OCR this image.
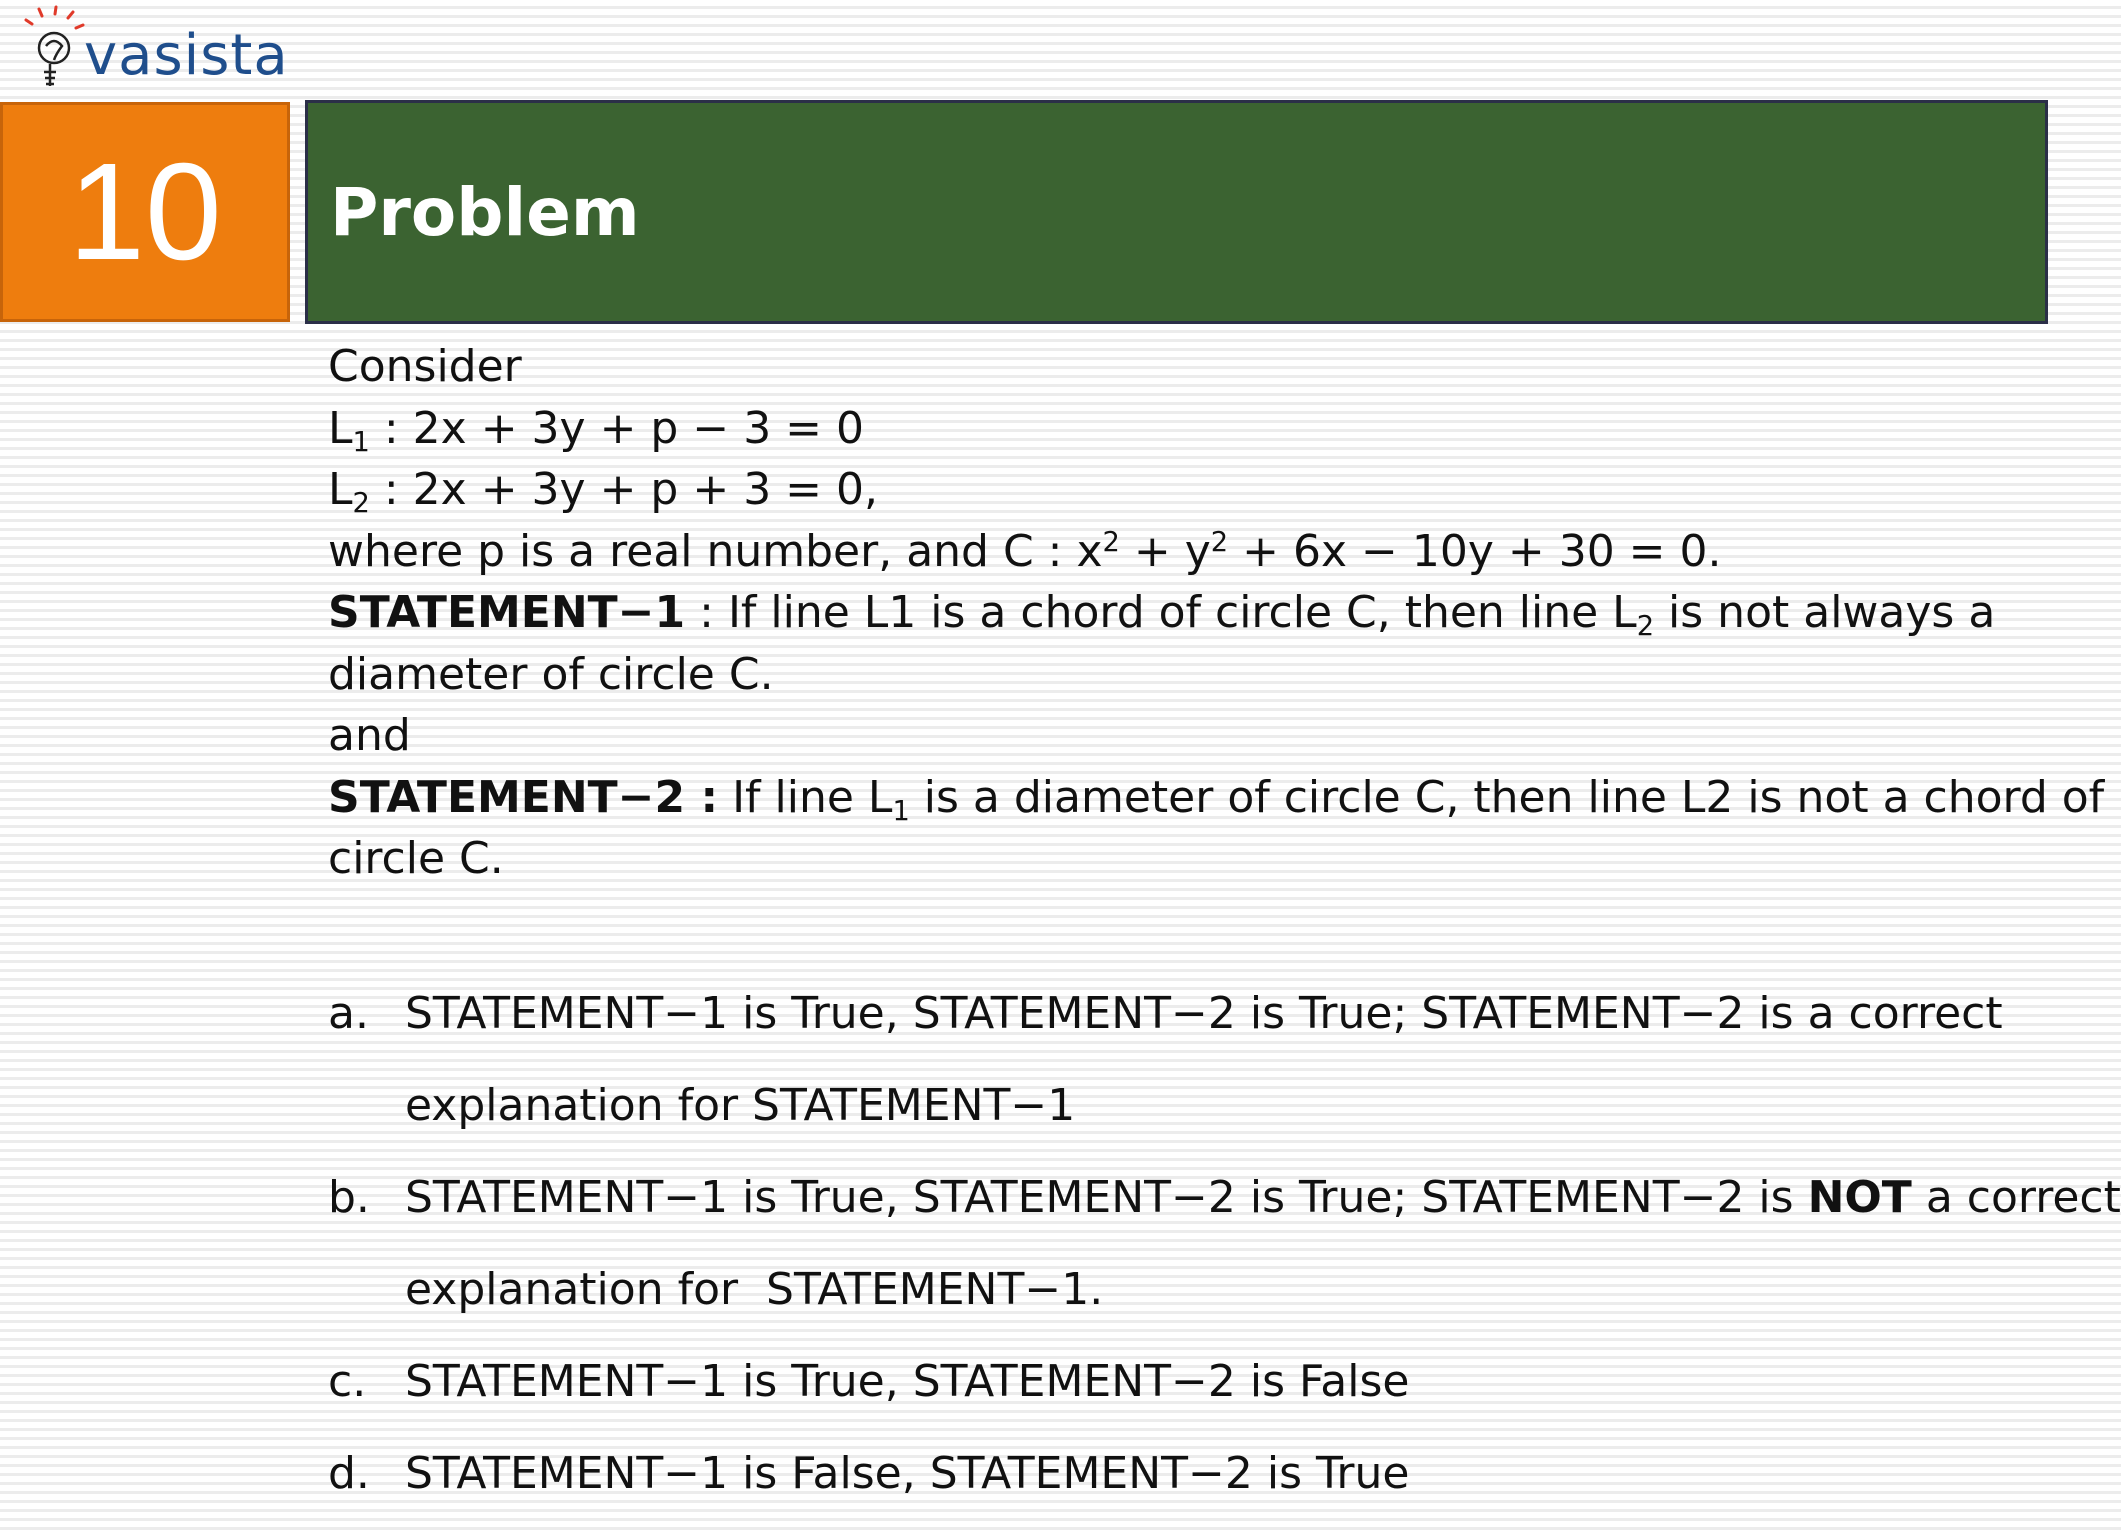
vasista
10 Problem
Consider
$L_1$ : 2x + 3y + p − 3 = 0
$L_2$ : 2x + 3y + p + 3 = 0,
where p is a real number, and C : $x^2 + y^2 + 6x - 10y + 30 = 0$.
STATEMENT−1 : If line L1 is a chord of circle C, then line $L_2$ is not always a
diameter of circle C.
and
STATEMENT−2 : If line $L_1$ is a diameter of circle C, then line L2 is not a chord of
circle C.
a. STATEMENT−1 is True, STATEMENT−2 is True; STATEMENT−2 is a correct
explanation for STATEMENT−1
b. STATEMENT−1 is True, STATEMENT−2 is True; STATEMENT−2 is NOT a correct
explanation for  STATEMENT−1.
c. STATEMENT−1 is True, STATEMENT−2 is False
d. STATEMENT−1 is False, STATEMENT−2 is True
